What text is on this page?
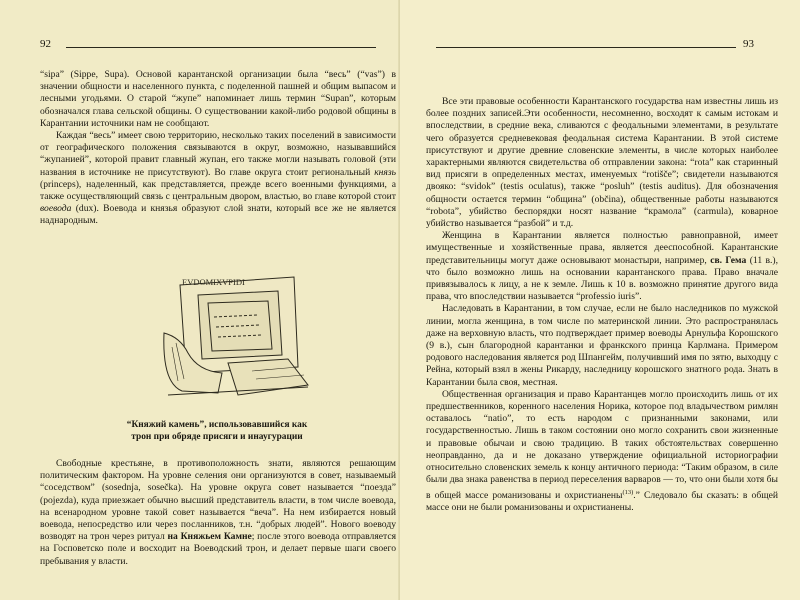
92

“sipa” (Sippe, Supa). Основой карантанской организации была “весь” (“vas”) в значении общности и населенного пункта, с поделенной пашней и общим выпасом и лесными угодьями. О старой “жупе” напоминает лишь термин “Supan”, которым обозначался глава сельской общины. О существовании какой-либо родовой общины в Карантании источники нам не сообщают.

Каждая “весь” имеет свою территорию, несколько таких поселений в зависимости от географического положения связываются в округ, возможно, называвшийся “жупанией”, которой правит главный жупан, его также могли называть головой (эти названия в источнике не присутствуют). Во главе округа стоит региональный князь (princeps), наделенный, как представляется, прежде всего военными функциями, а также осуществляющий связь с центральным двором, властью, во главе которой стоит воевода (dux). Воевода и князья образуют слой знати, который все же не является наднародным.

EVDOMIXVPIDI
“Княжий камень”, использовавшийся как
трон при обряде присяги и инаугурации

Свободные крестьяне, в противоположность знати, являются решающим политическим фактором. На уровне селения они организуются в совет, называемый “соседством” (sosednja, sosečka). На уровне округа совет называется “поезда” (pojezda), куда приезжает обычно высший представитель власти, в том числе воевода, на всенародном уровне такой совет называется “веча”. На нем избирается новый воевода, непосредство или через посланников, т.н. “добрых людей”. Нового воеводу возводят на трон через ритуал на Княжьем Камне; после этого воевода отправляется на Госповетско поле и восходит на Воеводский трон, и делает первые шаги своего пребывания у власти.

93

Все эти правовые особенности Карантанского государства нам известны лишь из более поздних записей.Эти особенности, несомненно, восходят к самым истокам и впоследствии, в средние века, сливаются с феодальными элементами, в результате чего образуется средневековая феодальная система Карантании. В этой системе присутствуют и другие древние словенские элементы, в числе которых наиболее характерными являются свидетельства об отправлении закона: “rota” как старинный вид присяги в определенных местах, именуемых “rotišče”; свидетели называются двояко: “svidok” (testis oculatus), также “posluh” (testis auditus). Для обозначения общности остается термин “община” (občina), общественные работы называются “robota”, убийство беспорядки носят название “крамола” (carmula), коварное убийство называется “разбой” и т.д.

Женщина в Карантании является полностью равноправной, имеет имущественные и хозяйственные права, является дееспособной. Карантанские представительницы могут даже основывают монастыри, например, св. Гема (11 в.), что было возможно лишь на основании карантанского права. Право вначале привязывалось к лицу, а не к земле. Лишь к 10 в. возможно принятие другого вида права, что впоследствии называется “professio iuris”.

Наследовать в Карантании, в том случае, если не было наследников по мужской линии, могла женщина, в том числе по материнской линии. Это распространялась даже на верховную власть, что подтверждает пример воеводы Арнульфа Корошского (9 в.), сын благородной карантанки и франкского принца Карлмана. Примером родового наследования является род Шпангейм, получивший имя по зятю, выходцу с Рейна, который взял в жены Рикарду, наследницу корошского знатного рода. Знать в Карантании была своя, местная.

Общественная организация и право Карантанцев могло происходить лишь от их предшественников, коренного населения Норика, которое под владычеством римлян оставалось “natio”, то есть народом с признанными законами, или государственностью. Лишь в таком состоянии оно могло сохранить свои жизненные и правовые обычаи и свою традицию. В таких обстоятельствах совершенно неоправданно, да и не доказано утверждение официальной историографии относительно словенских земель к концу античного периода: “Таким образом, в силе были два знака равенства в период переселения варваров — то, что они были хотя бы в общей массе романизованы и охристианены$^{(13)}$.” Следовало бы сказать: в общей массе они не были романизованы и охристианены.
